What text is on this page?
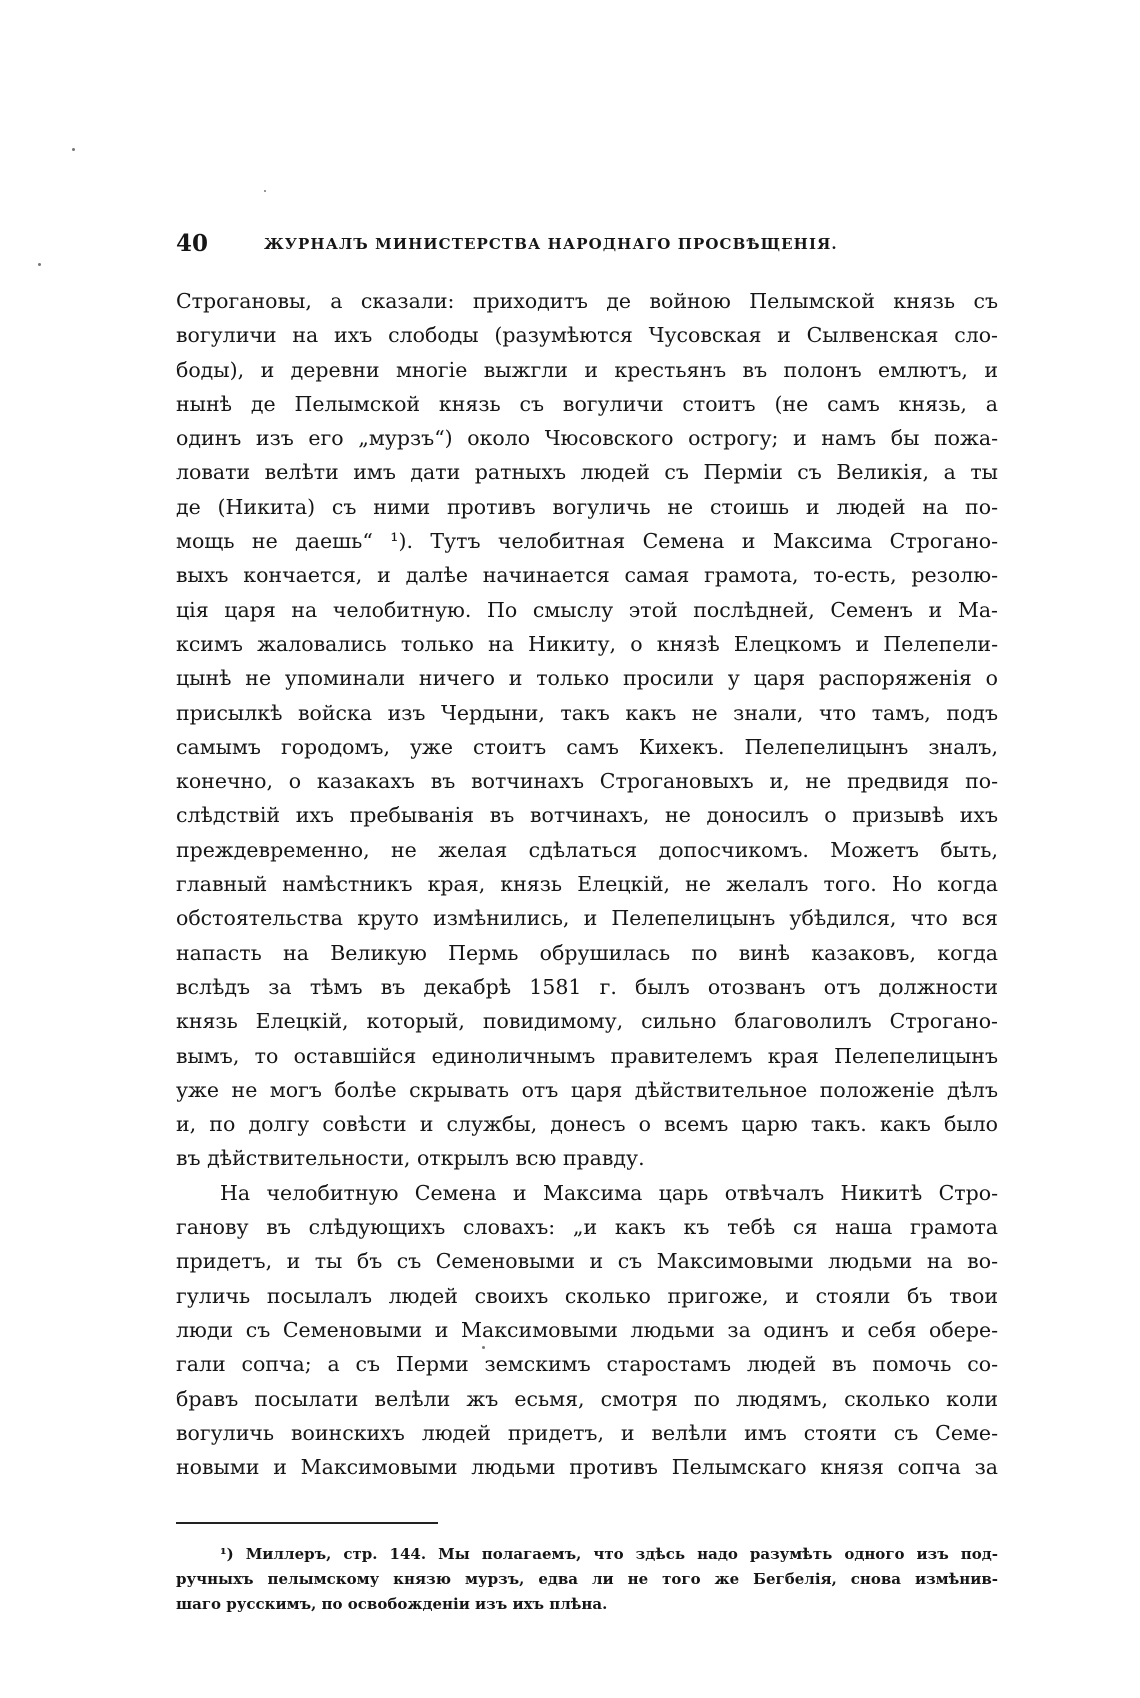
40	ЖУРНАЛЪ МИНИСТЕРСТВА НАРОДНАГО ПРОСВѢЩЕНІЯ.
Строгановы, а сказали: приходитъ де войною Пелымской князь съ
вогуличи на ихъ слободы (разумѣются Чусовская и Сылвенская сло-
боды), и деревни многіе выжгли и крестьянъ въ полонъ емлютъ, и
нынѣ де Пелымской князь съ вогуличи стоитъ (не самъ князь, а
одинъ изъ его „мурзъ“) около Чюсовского острогу; и намъ бы пожа-
ловати велѣти имъ дати ратныхъ людей съ Перміи съ Великія, а ты
де (Никита) съ ними противъ вогуличь не стоишь и людей на по-
мощь не даешь“ ¹). Тутъ челобитная Семена и Максима Строгано-
выхъ кончается, и далѣе начинается самая грамота, то-есть, резолю-
ція царя на челобитную. По смыслу этой послѣдней, Семенъ и Ма-
ксимъ жаловались только на Никиту, о князѣ Елецкомъ и Пелепели-
цынѣ не упоминали ничего и только просили у царя распоряженія о
присылкѣ войска изъ Чердыни, такъ какъ не знали, что тамъ, подъ
самымъ городомъ, уже стоитъ самъ Кихекъ. Пелепелицынъ зналъ,
конечно, о казакахъ въ вотчинахъ Строгановыхъ и, не предвидя по-
слѣдствій ихъ пребыванія въ вотчинахъ, не доносилъ о призывѣ ихъ
преждевременно, не желая сдѣлаться допосчикомъ. Можетъ быть,
главный намѣстникъ края, князь Елецкій, не желалъ того. Но когда
обстоятельства круто измѣнились, и Пелепелицынъ убѣдился, что вся
напасть на Великую Пермь обрушилась по винѣ казаковъ, когда
вслѣдъ за тѣмъ въ декабрѣ 1581 г. былъ отозванъ отъ должности
князь Елецкій, который, повидимому, сильно благоволилъ Строгано-
вымъ, то оставшійся единоличнымъ правителемъ края Пелепелицынъ
уже не могъ болѣе скрывать отъ царя дѣйствительное положеніе дѣлъ
и, по долгу совѣсти и службы, донесъ о всемъ царю такъ. какъ было
въ дѣйствительности, открылъ всю правду.
На челобитную Семена и Максима царь отвѣчалъ Никитѣ Стро-
ганову въ слѣдующихъ словахъ: „и какъ къ тебѣ ся наша грамота
придетъ, и ты бъ съ Семеновыми и съ Максимовыми людьми на во-
гуличь посылалъ людей своихъ сколько пригоже, и стояли бъ твои
люди съ Семеновыми и Максимовыми людьми за одинъ и себя обере-
гали сопча; а съ Перми земскимъ старостамъ людей въ помочь со-
бравъ посылати велѣли жъ есьмя, смотря по людямъ, сколько коли
вогуличь воинскихъ людей придетъ, и велѣли имъ стояти съ Семе-
новыми и Максимовыми людьми противъ Пелымскаго князя сопча за
¹) Миллеръ, стр. 144. Мы полагаемъ, что здѣсь надо разумѣть одного изъ под-
ручныхъ пелымскому князю мурзъ, едва ли не того же Бегбелія, снова измѣнив-
шаго русскимъ, по освобожденіи изъ ихъ плѣна.
